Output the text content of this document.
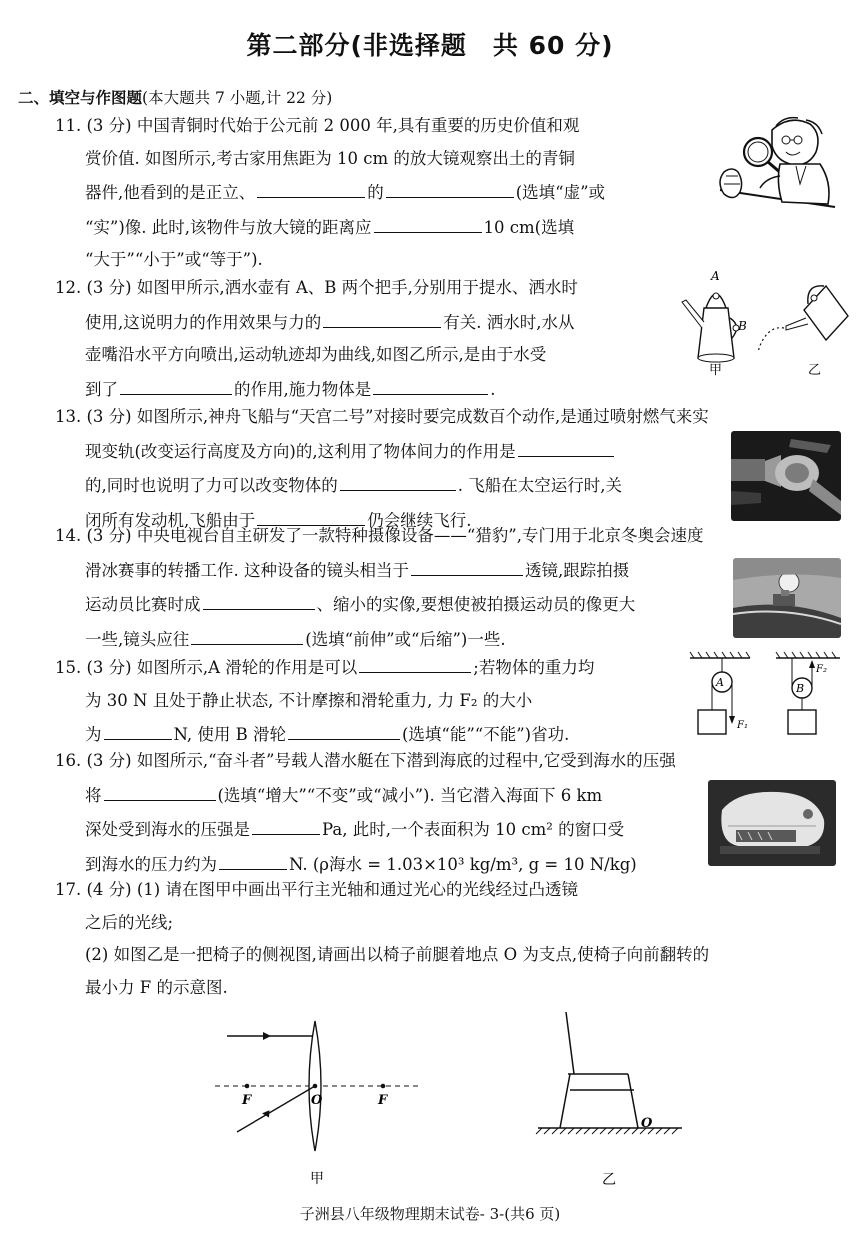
第二部分(非选择题　共 60 分)
二、填空与作图题(本大题共 7 小题,计 22 分)

11. (3 分) 中国青铜时代始于公元前 2 000 年,具有重要的历史价值和观

赏价值. 如图所示,考古家用焦距为 10 cm 的放大镜观察出土的青铜

器件,他看到的是正立、	的	(选填“虚”或

“实”)像. 此时,该物件与放大镜的距离应	10 cm(选填

“大于”“小于”或“等于”).

12. (3 分) 如图甲所示,洒水壶有 A、B 两个把手,分别用于提水、洒水时

使用,这说明力的作用效果与力的	有关. 洒水时,水从

壶嘴沿水平方向喷出,运动轨迹却为曲线,如图乙所示,是由于水受

到了	的作用,施力物体是	.

A
B
甲	乙

13. (3 分) 如图所示,神舟飞船与“天宫二号”对接时要完成数百个动作,是通过喷射燃气来实

现变轨(改变运行高度及方向)的,这利用了物体间力的作用是

的,同时也说明了力可以改变物体的	. 飞船在太空运行时,关

闭所有发动机,飞船由于	仍会继续飞行.

14. (3 分) 中央电视台自主研发了一款特种摄像设备——“猎豹”,专门用于北京冬奥会速度

滑冰赛事的转播工作. 这种设备的镜头相当于	透镜,跟踪拍摄

运动员比赛时成	、缩小的实像,要想使被拍摄运动员的像更大

一些,镜头应往	(选填“前伸”或“后缩”)一些.

15. (3 分) 如图所示,A 滑轮的作用是可以	;若物体的重力均

为 30 N 且处于静止状态, 不计摩擦和滑轮重力, 力 F₂ 的大小

为	N, 使用 B 滑轮	(选填“能”“不能”)省功.

A
F₁
B
F₂

16. (3 分) 如图所示,“奋斗者”号载人潜水艇在下潜到海底的过程中,它受到海水的压强

将	(选填“增大”“不变”或“减小”). 当它潜入海面下 6 km

深处受到海水的压强是	Pa, 此时,一个表面积为 10 cm² 的窗口受

到海水的压力约为	N. (ρ海水 = 1.03×10³ kg/m³, g = 10 N/kg)

17. (4 分) (1) 请在图甲中画出平行主光轴和通过光心的光线经过凸透镜

之后的光线;

(2) 如图乙是一把椅子的侧视图,请画出以椅子前腿着地点 O 为支点,使椅子向前翻转的

最小力 F 的示意图.

F	O	F
甲
O
乙
子洲县八年级物理期末试卷- 3-(共6 页)
